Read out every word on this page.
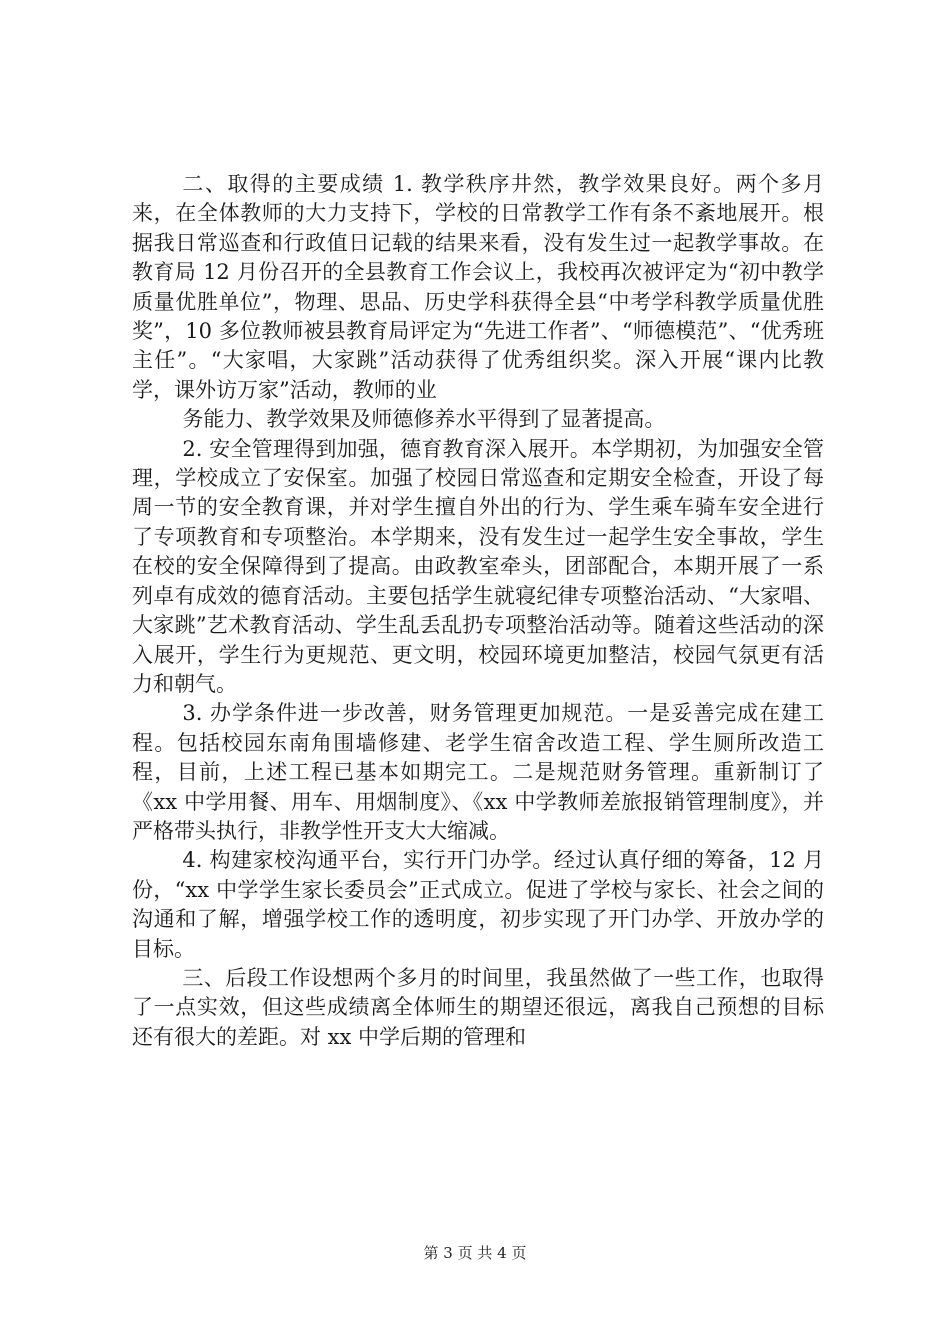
二、取得的主要成绩 1. 教学秩序井然，教学效果良好。两个多月来，在全体教师的大力支持下，学校的日常教学工作有条不紊地展开。根据我日常巡查和行政值日记载的结果来看，没有发生过一起教学事故。在教育局 12 月份召开的全县教育工作会议上，我校再次被评定为“初中教学质量优胜单位”，物理、思品、历史学科获得全县“中考学科教学质量优胜奖”，10 多位教师被县教育局评定为“先进工作者”、“师德模范”、“优秀班主任”。“大家唱，大家跳”活动获得了优秀组织奖。深入开展“课内比教学，课外访万家”活动，教师的业

务能力、教学效果及师德修养水平得到了显著提高。

2. 安全管理得到加强，德育教育深入展开。本学期初，为加强安全管理，学校成立了安保室。加强了校园日常巡查和定期安全检查，开设了每周一节的安全教育课，并对学生擅自外出的行为、学生乘车骑车安全进行了专项教育和专项整治。本学期来，没有发生过一起学生安全事故，学生在校的安全保障得到了提高。由政教室牵头，团部配合，本期开展了一系列卓有成效的德育活动。主要包括学生就寝纪律专项整治活动、“大家唱、大家跳”艺术教育活动、学生乱丢乱扔专项整治活动等。随着这些活动的深入展开，学生行为更规范、更文明，校园环境更加整洁，校园气氛更有活力和朝气。

3. 办学条件进一步改善，财务管理更加规范。一是妥善完成在建工程。包括校园东南角围墙修建、老学生宿舍改造工程、学生厕所改造工程，目前，上述工程已基本如期完工。二是规范财务管理。重新制订了《xx 中学用餐、用车、用烟制度》、《xx 中学教师差旅报销管理制度》，并严格带头执行，非教学性开支大大缩减。

4. 构建家校沟通平台，实行开门办学。经过认真仔细的筹备，12 月份，“xx 中学学生家长委员会”正式成立。促进了学校与家长、社会之间的沟通和了解，增强学校工作的透明度，初步实现了开门办学、开放办学的目标。

三、后段工作设想两个多月的时间里，我虽然做了一些工作，也取得了一点实效，但这些成绩离全体师生的期望还很远，离我自己预想的目标还有很大的差距。对 xx 中学后期的管理和

第 3 页 共 4 页
